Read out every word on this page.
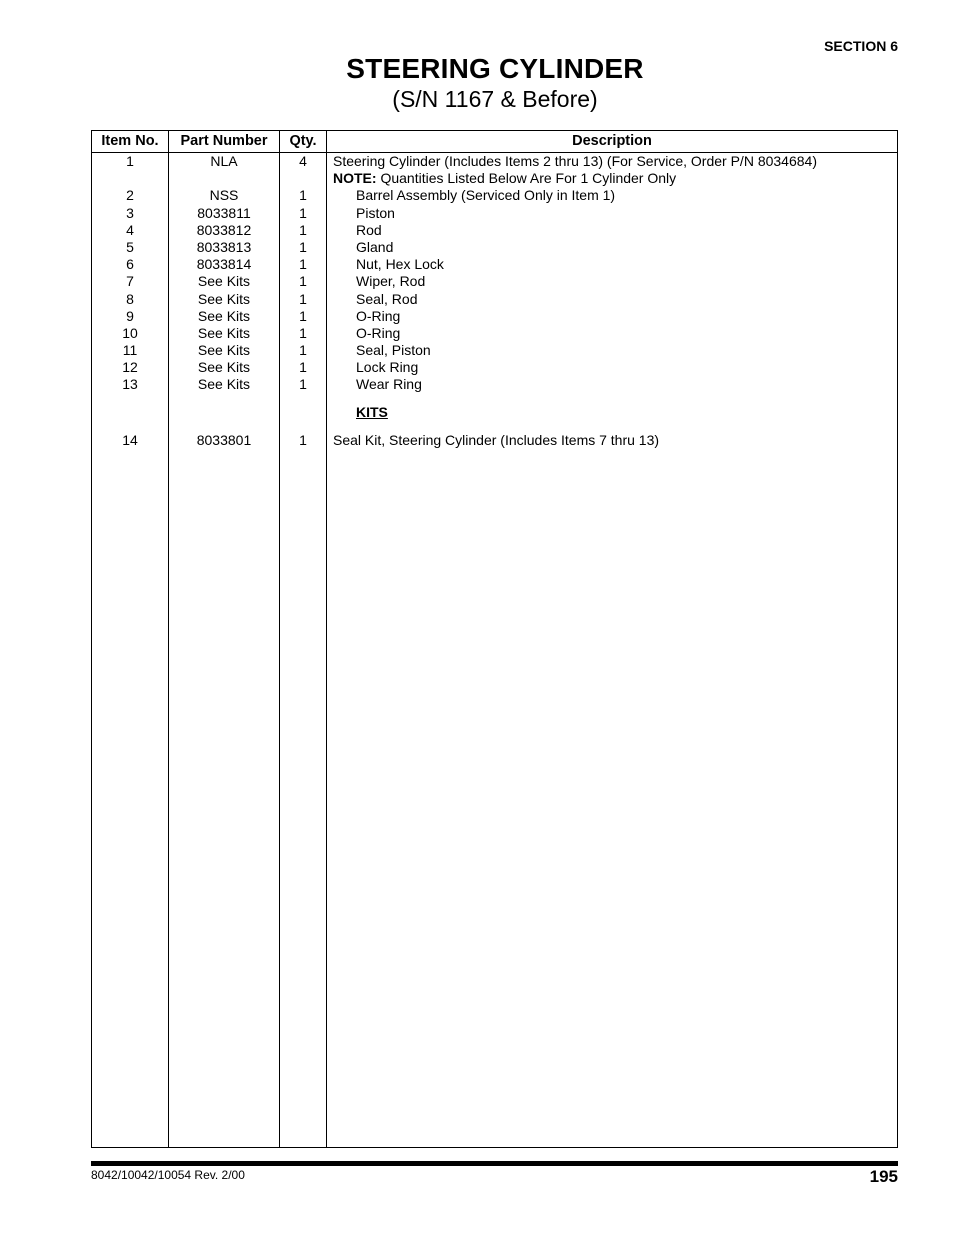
SECTION 6
STEERING CYLINDER
(S/N 1167 & Before)
Item No.	Part Number	Qty.	Description
1	NLA	4	Steering Cylinder (Includes Items 2 thru 13) (For Service, Order P/N 8034684)
NOTE: Quantities Listed Below Are For 1 Cylinder Only
2	NSS	1	Barrel Assembly (Serviced Only in Item 1)
3	8033811	1	Piston
4	8033812	1	Rod
5	8033813	1	Gland
6	8033814	1	Nut, Hex Lock
7	See Kits	1	Wiper, Rod
8	See Kits	1	Seal, Rod
9	See Kits	1	O-Ring
10	See Kits	1	O-Ring
11	See Kits	1	Seal, Piston
12	See Kits	1	Lock Ring
13	See Kits	1	Wear Ring
KITS
14	8033801	1	Seal Kit, Steering Cylinder (Includes Items 7 thru 13)
8042/10042/10054 Rev. 2/00	195
